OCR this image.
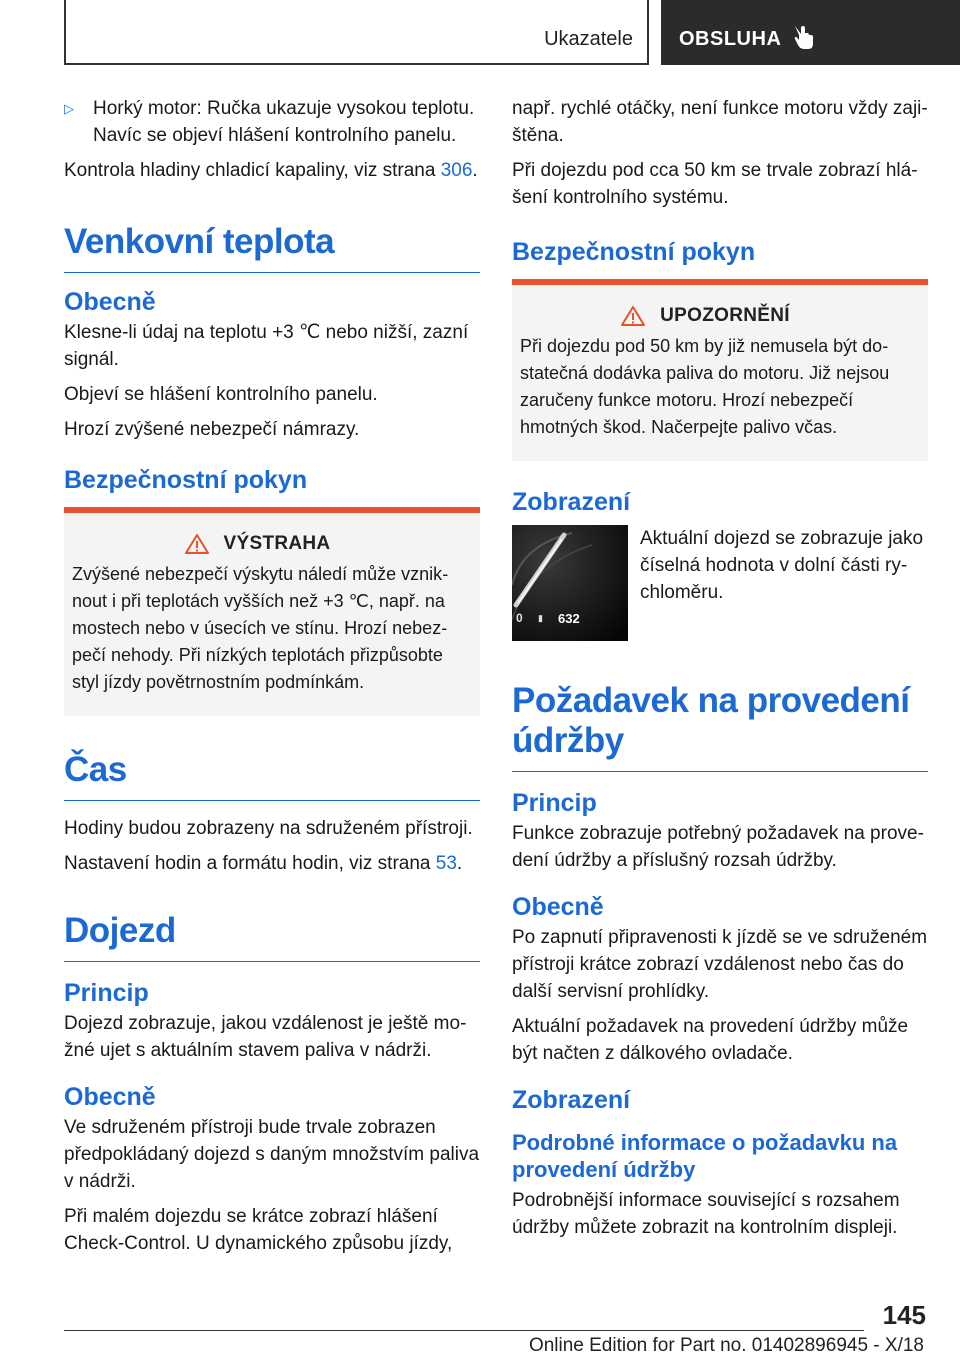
Ukazatele OBSLUHA
▷	Horký motor: Ručka ukazuje vysokou teplotu. Navíc se objeví hlášení kontrolního panelu.

Kontrola hladiny chladicí kapaliny, viz strana 306.

Venkovní teplota
Obecně

Klesne-li údaj na teplotu +3 ℃ nebo nižší, zazní signál.

Objeví se hlášení kontrolního panelu.

Hrozí zvýšené nebezpečí námrazy.

Bezpečnostní pokyn
VÝSTRAHA

Zvýšené nebezpečí výskytu náledí může vzniknout i při teplotách vyšších než +3 ℃, např. na mostech nebo v úsecích ve stínu. Hrozí nebezpečí nehody. Při nízkých teplotách přizpůsobte styl jízdy povětrnostním podmínkám.

Čas

Hodiny budou zobrazeny na sdruženém přístroji.

Nastavení hodin a formátu hodin, viz strana 53.

Dojezd
Princip

Dojezd zobrazuje, jakou vzdálenost je ještě možné ujet s aktuálním stavem paliva v nádrži.

Obecně

Ve sdruženém přístroji bude trvale zobrazen předpokládaný dojezd s daným množstvím paliva v nádrži.

Při malém dojezdu se krátce zobrazí hlášení Check-Control. U dynamického způsobu jízdy,

např. rychlé otáčky, není funkce motoru vždy zajištěna.

Při dojezdu pod cca 50 km se trvale zobrazí hlášení kontrolního systému.

Bezpečnostní pokyn
UPOZORNĚNÍ

Při dojezdu pod 50 km by již nemusela být dostatečná dodávka paliva do motoru. Již nejsou zaručeny funkce motoru. Hrozí nebezpečí hmotných škod. Načerpejte palivo včas.

Zobrazení
0 ▮ 632

Aktuální dojezd se zobrazuje jako číselná hodnota v dolní části rychloměru.

Požadavek na provedení údržby
Princip

Funkce zobrazuje potřebný požadavek na provedení údržby a příslušný rozsah údržby.

Obecně

Po zapnutí připravenosti k jízdě se ve sdruženém přístroji krátce zobrazí vzdálenost nebo čas do další servisní prohlídky.

Aktuální požadavek na provedení údržby může být načten z dálkového ovladače.

Zobrazení
Podrobné informace o požadavku na provedení údržby

Podrobnější informace související s rozsahem údržby můžete zobrazit na kontrolním displeji.

145
Online Edition for Part no. 01402896945 - X/18
